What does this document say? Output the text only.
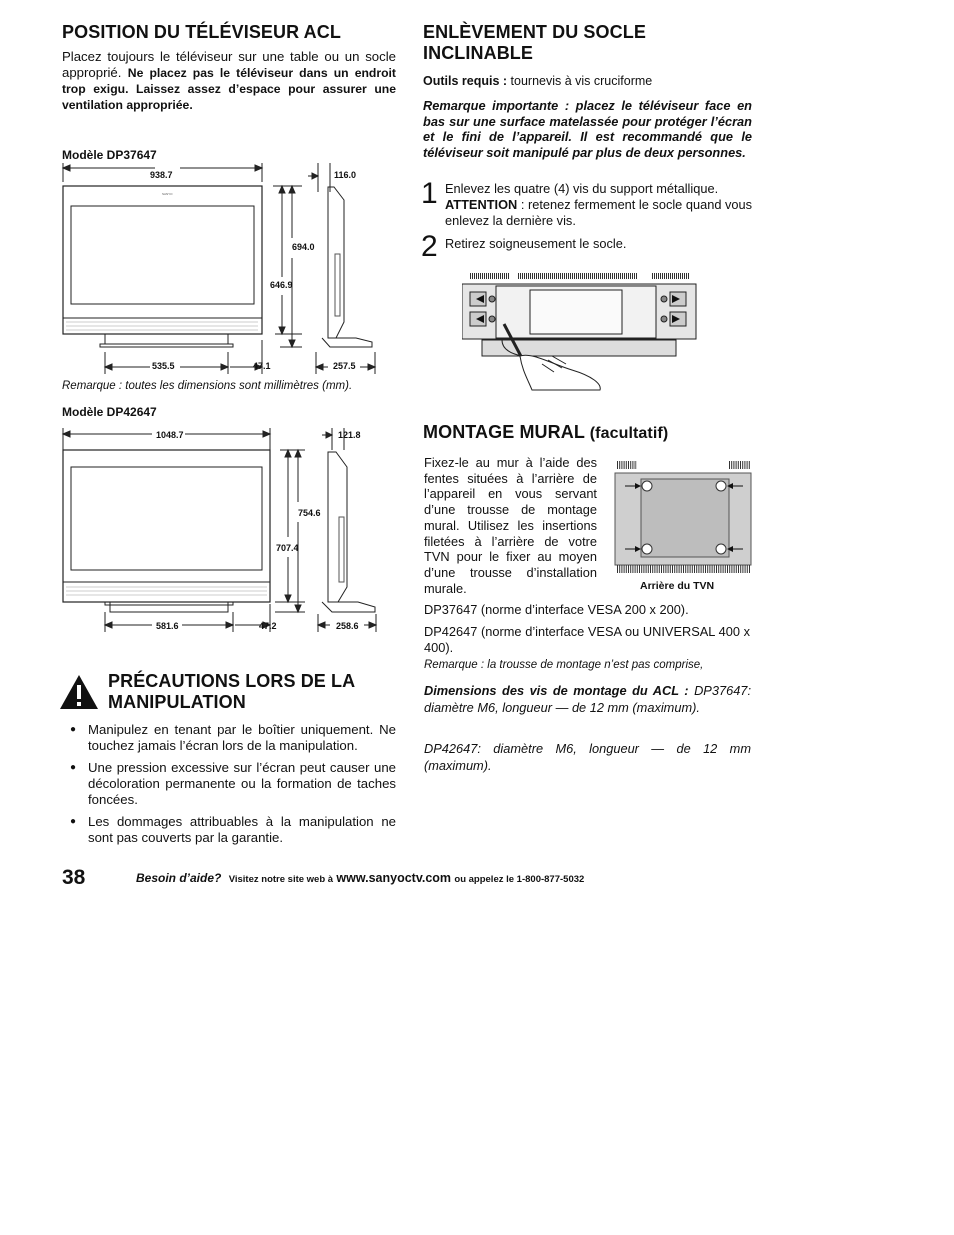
POSITION DU TÉLÉVISEUR ACL
Placez toujours le téléviseur sur une table ou un socle approprié. Ne placez pas le téléviseur dans un endroit trop exigu. Laissez assez d’espace pour assurer une ventilation appropriée.
Modèle DP37647
SANYO
938.7	116.0
694.0
646.9
535.5	47.1	257.5
Remarque : toutes les dimensions sont millimètres (mm).
Modèle DP42647
1048.7	121.8
754.6
707.4
581.6	47.2	258.6
PRÉCAUTIONS LORS DE LA
MANIPULATION
● Manipulez en tenant par le boîtier uniquement. Ne touchez jamais l’écran lors de la manipulation.
● Une pression excessive sur l’écran peut causer une décoloration permanente ou la formation de taches foncées.
● Les dommages attribuables à la manipulation ne sont pas couverts par la garantie.
ENLÈVEMENT DU SOCLE
INCLINABLE
Outils requis : tournevis à vis cruciforme
Remarque importante : placez le téléviseur face en bas sur une surface matelassée pour protéger l’écran et le fini de l’appareil. Il est recommandé que le téléviseur soit manipulé par plus de deux personnes.
1 Enlevez les quatre (4) vis du support métallique.
ATTENTION : retenez fermement le socle quand vous enlevez la dernière vis.
2 Retirez soigneusement le socle.
MONTAGE MURAL (facultatif)
Fixez-le au mur à l’aide des fentes situées à l’arrière de l’appareil en vous servant d’une trousse de montage mural. Utilisez les insertions filetées à l’arrière de votre TVN pour le fixer au moyen d’une trousse d’installation murale.	Arrière du TVN
DP37647 (norme d’interface VESA 200 x 200).
DP42647 (norme d’interface VESA ou UNIVERSAL 400 x 400).
Remarque : la trousse de montage n’est pas comprise,
Dimensions des vis de montage du ACL : DP37647: diamètre M6, longueur — de 12 mm (maximum).
DP42647: diamètre M6, longueur — de 12 mm (maximum).
38	Besoin d’aide? Visitez notre site web à www.sanyoctv.com ou appelez le 1-800-877-5032
